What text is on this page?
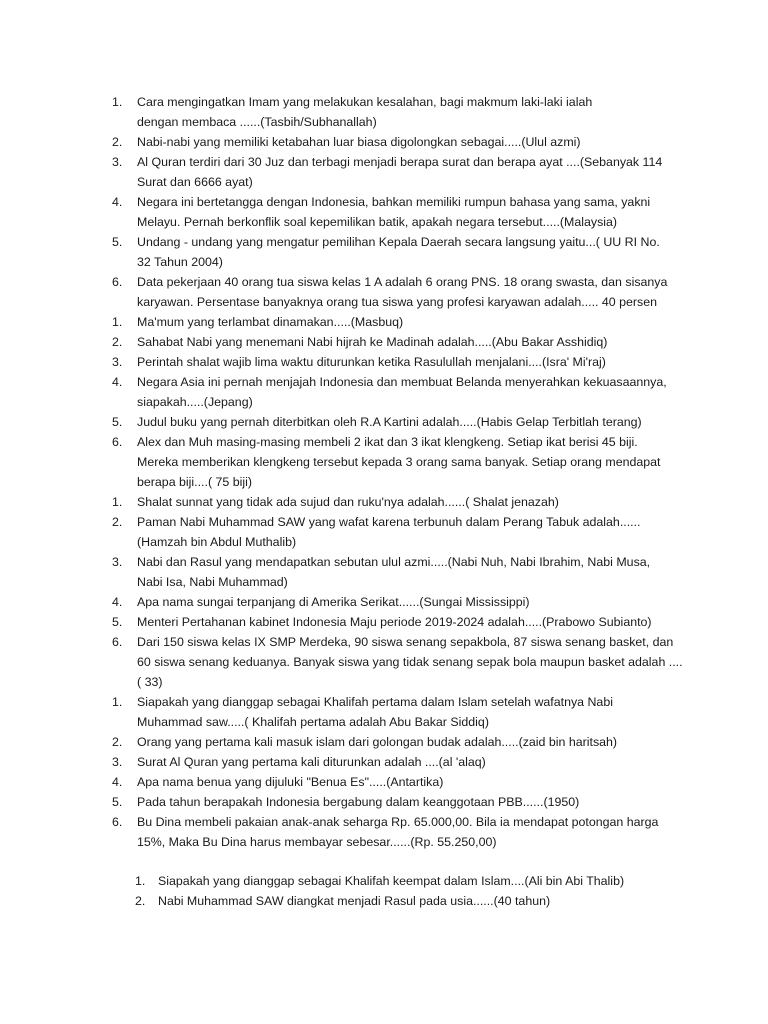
1. Cara mengingatkan Imam yang melakukan kesalahan, bagi makmum laki-laki ialah
dengan membaca ......(Tasbih/Subhanallah)
2. Nabi-nabi yang memiliki ketabahan luar biasa digolongkan sebagai.....(Ulul azmi)
3. Al Quran terdiri dari 30 Juz dan terbagi menjadi berapa surat dan berapa ayat ....(Sebanyak 114
Surat dan 6666 ayat)
4. Negara ini bertetangga dengan Indonesia, bahkan memiliki rumpun bahasa yang sama, yakni
Melayu. Pernah berkonflik soal kepemilikan batik, apakah negara tersebut.....(Malaysia)
5. Undang - undang yang mengatur pemilihan Kepala Daerah secara langsung yaitu...( UU RI No.
32 Tahun 2004)
6. Data pekerjaan 40 orang tua siswa kelas 1 A adalah 6 orang PNS. 18 orang swasta, dan sisanya
karyawan. Persentase banyaknya orang tua siswa yang profesi karyawan adalah..... 40 persen
1. Ma'mum yang terlambat dinamakan.....(Masbuq)
2. Sahabat Nabi yang menemani Nabi hijrah ke Madinah adalah.....(Abu Bakar Asshidiq)
3. Perintah shalat wajib lima waktu diturunkan ketika Rasulullah menjalani....(Isra' Mi'raj)
4. Negara Asia ini pernah menjajah Indonesia dan membuat Belanda menyerahkan kekuasaannya,
siapakah.....(Jepang)
5. Judul buku yang pernah diterbitkan oleh R.A Kartini adalah.....(Habis Gelap Terbitlah terang)
6. Alex dan Muh masing-masing membeli 2 ikat dan 3 ikat klengkeng. Setiap ikat berisi 45 biji.
Mereka memberikan klengkeng tersebut kepada 3 orang sama banyak. Setiap orang mendapat
berapa biji....( 75 biji)
1. Shalat sunnat yang tidak ada sujud dan ruku'nya adalah......( Shalat jenazah)
2. Paman Nabi Muhammad SAW yang wafat karena terbunuh dalam Perang Tabuk adalah......
(Hamzah bin Abdul Muthalib)
3. Nabi dan Rasul yang mendapatkan sebutan ulul azmi.....(Nabi Nuh, Nabi Ibrahim, Nabi Musa,
Nabi Isa, Nabi Muhammad)
4. Apa nama sungai terpanjang di Amerika Serikat......(Sungai Mississippi)
5. Menteri Pertahanan kabinet Indonesia Maju periode 2019-2024 adalah.....(Prabowo Subianto)
6. Dari 150 siswa kelas IX SMP Merdeka, 90 siswa senang sepakbola, 87 siswa senang basket, dan
60 siswa senang keduanya. Banyak siswa yang tidak senang sepak bola maupun basket adalah ....
( 33)
1. Siapakah yang dianggap sebagai Khalifah pertama dalam Islam setelah wafatnya Nabi
Muhammad saw.....( Khalifah pertama adalah Abu Bakar Siddiq)
2. Orang yang pertama kali masuk islam dari golongan budak adalah.....(zaid bin haritsah)
3. Surat Al Quran yang pertama kali diturunkan adalah ....(al 'alaq)
4. Apa nama benua yang dijuluki "Benua Es".....(Antartika)
5. Pada tahun berapakah Indonesia bergabung dalam keanggotaan PBB......(1950)
6. Bu Dina membeli pakaian anak-anak seharga Rp. 65.000,00. Bila ia mendapat potongan harga
15%, Maka Bu Dina harus membayar sebesar......(Rp. 55.250,00)
1. Siapakah yang dianggap sebagai Khalifah keempat dalam Islam....(Ali bin Abi Thalib)
2. Nabi Muhammad SAW diangkat menjadi Rasul pada usia......(40 tahun)
